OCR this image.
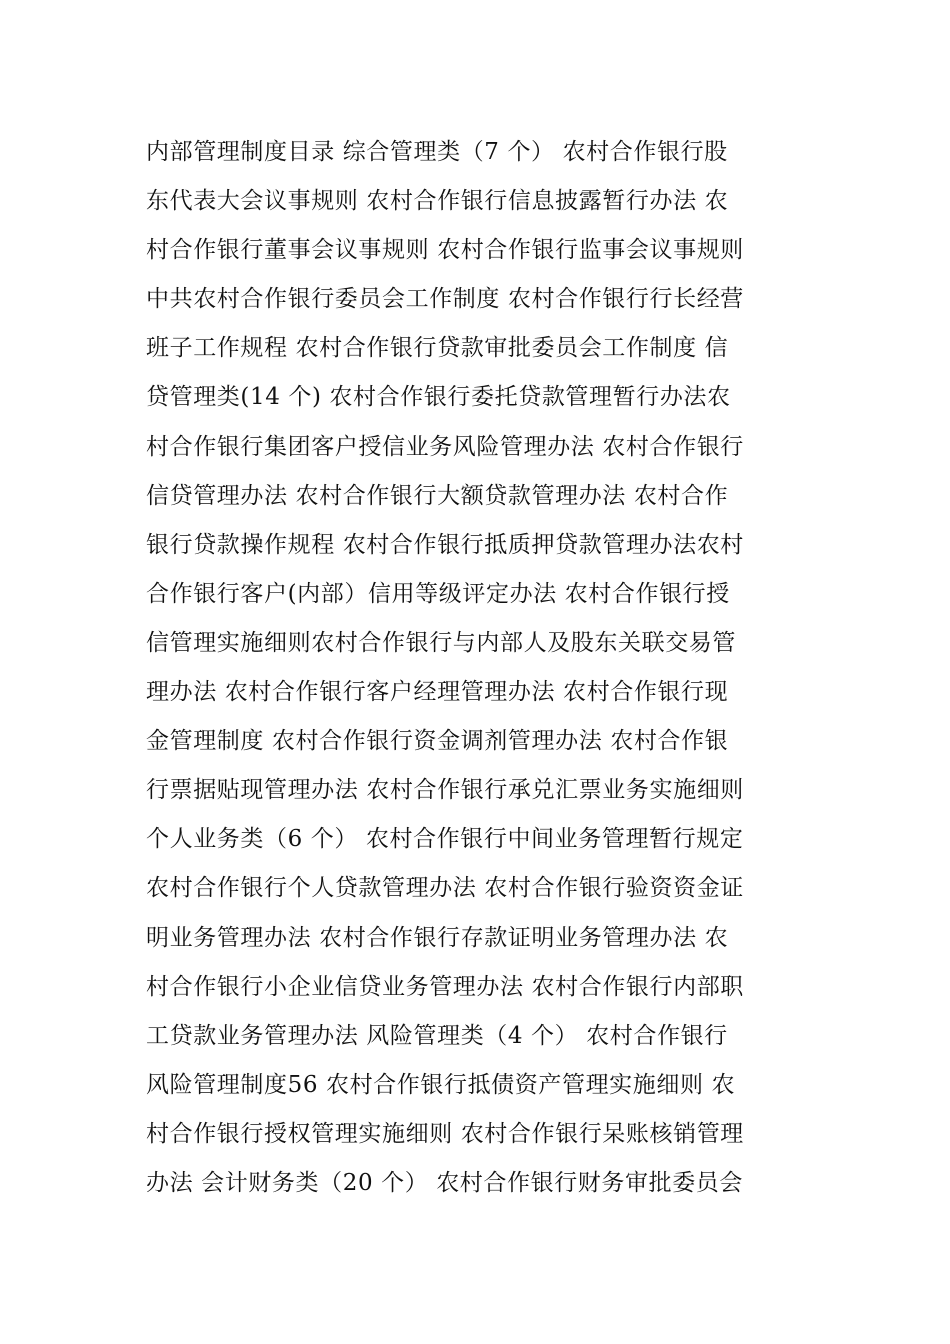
内部管理制度目录 综合管理类（7 个） 农村合作银行股
东代表大会议事规则 农村合作银行信息披露暂行办法 农
村合作银行董事会议事规则 农村合作银行监事会议事规则
中共农村合作银行委员会工作制度 农村合作银行行长经营
班子工作规程 农村合作银行贷款审批委员会工作制度 信
贷管理类(14 个) 农村合作银行委托贷款管理暂行办法农
村合作银行集团客户授信业务风险管理办法 农村合作银行
信贷管理办法 农村合作银行大额贷款管理办法 农村合作
银行贷款操作规程 农村合作银行抵质押贷款管理办法农村
合作银行客户(内部）信用等级评定办法 农村合作银行授
信管理实施细则农村合作银行与内部人及股东关联交易管
理办法 农村合作银行客户经理管理办法 农村合作银行现
金管理制度 农村合作银行资金调剂管理办法 农村合作银
行票据贴现管理办法 农村合作银行承兑汇票业务实施细则
个人业务类（6 个） 农村合作银行中间业务管理暂行规定
农村合作银行个人贷款管理办法 农村合作银行验资资金证
明业务管理办法 农村合作银行存款证明业务管理办法 农
村合作银行小企业信贷业务管理办法 农村合作银行内部职
工贷款业务管理办法 风险管理类（4 个） 农村合作银行
风险管理制度56 农村合作银行抵债资产管理实施细则 农
村合作银行授权管理实施细则 农村合作银行呆账核销管理
办法 会计财务类（20 个） 农村合作银行财务审批委员会
